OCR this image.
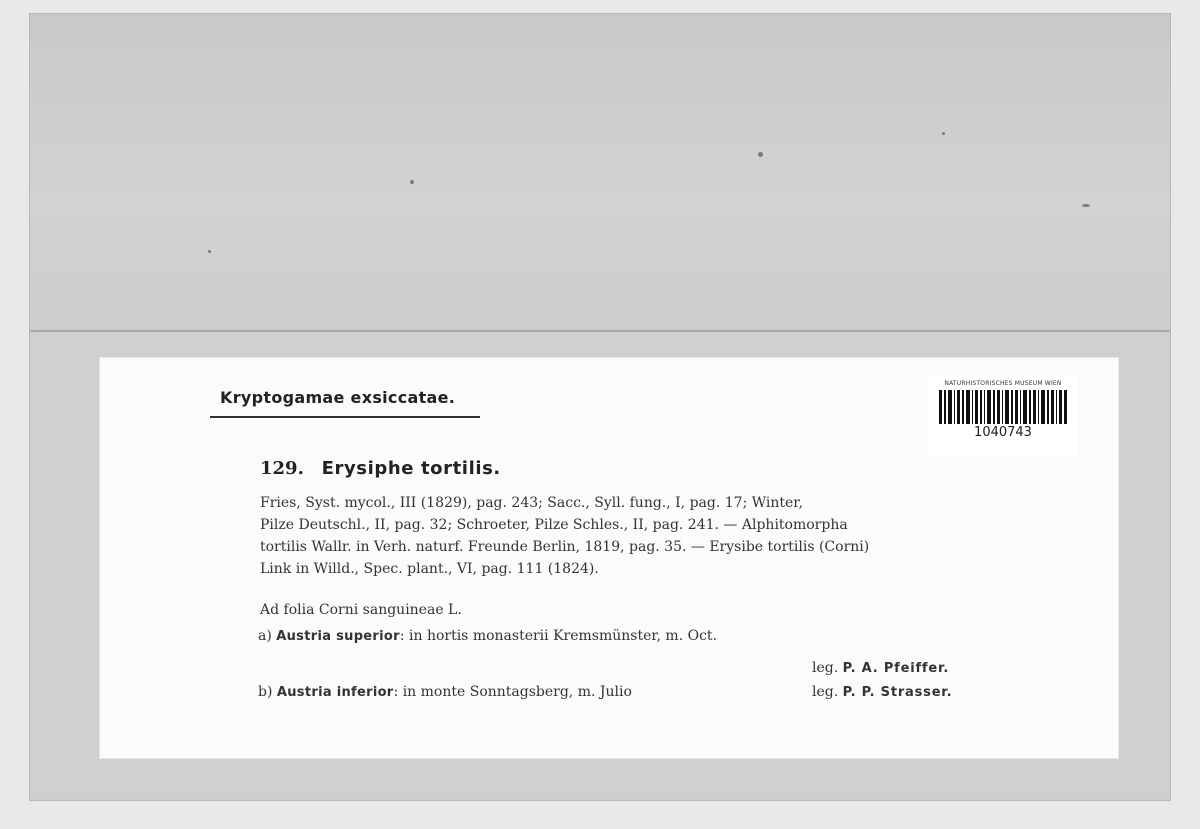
Kryptogamae exsiccatae.
NATURHISTORISCHES MUSEUM WIEN
1040743
129. Erysiphe tortilis.
Fries, Syst. mycol., III (1829), pag. 243; Sacc., Syll. fung., I, pag. 17; Winter,
Pilze Deutschl., II, pag. 32; Schroeter, Pilze Schles., II, pag. 241. — Alphitomorpha
tortilis Wallr. in Verh. naturf. Freunde Berlin, 1819, pag. 35. — Erysibe tortilis (Corni)
Link in Willd., Spec. plant., VI, pag. 111 (1824).
Ad folia Corni sanguineae L.
a) Austria superior: in hortis monasterii Kremsmünster, m. Oct.
leg. P. A. Pfeiffer.
b) Austria inferior: in monte Sonntagsberg, m. Julio	leg. P. P. Strasser.
